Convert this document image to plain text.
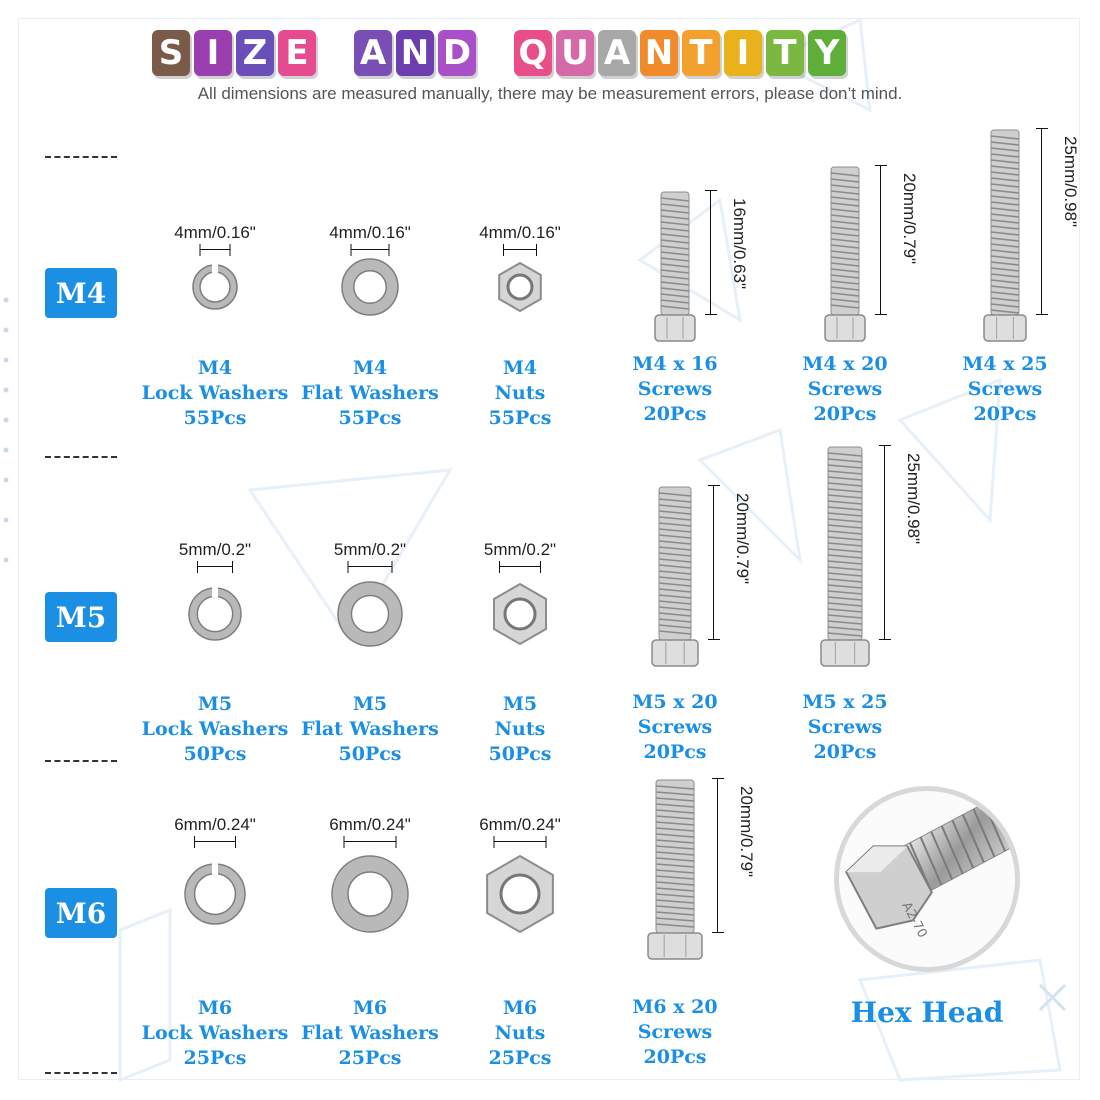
S I Z E A N D Q U A N T I T Y
All dimensions are measured manually, there may be measurement errors, please don’t mind.
M4
M5
M6
4mm/0.16"
M4
Lock Washers
55Pcs
4mm/0.16"
M4
Flat Washers
55Pcs
4mm/0.16"
M4
Nuts
55Pcs
16mm/0.63"
M4 x 16
Screws
20Pcs
20mm/0.79"
M4 x 20
Screws
20Pcs
25mm/0.98"
M4 x 25
Screws
20Pcs
5mm/0.2"
M5
Lock Washers
50Pcs
5mm/0.2"
M5
Flat Washers
50Pcs
5mm/0.2"
M5
Nuts
50Pcs
20mm/0.79"
M5 x 20
Screws
20Pcs
25mm/0.98"
M5 x 25
Screws
20Pcs
6mm/0.24"
M6
Lock Washers
25Pcs
6mm/0.24"
M6
Flat Washers
25Pcs
6mm/0.24"
M6
Nuts
25Pcs
20mm/0.79"
M6 x 20
Screws
20Pcs
A2-70
Hex Head
